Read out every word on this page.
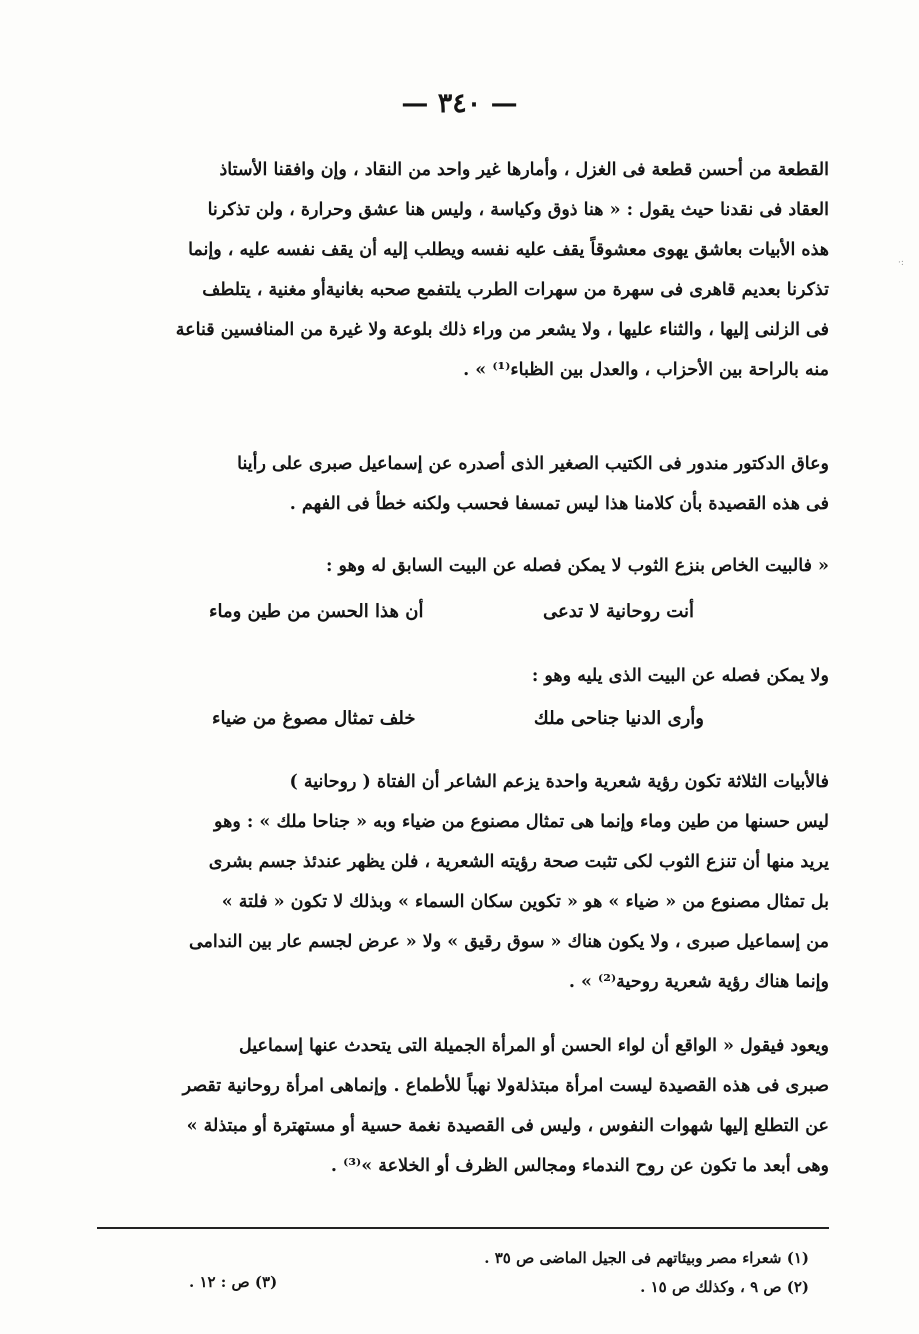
— ٣٤٠ —
·:

القطعة من أحسن قطعة فى الغزل ، وأمارها غير واحد من النقاد ، وإن وافقنا الأستاذ

العقاد فى نقدنا حيث يقول : « هنا ذوق وكياسة ، وليس هنا عشق وحرارة ، ولن تذكرنا

هذه الأبيات بعاشق يهوى معشوقاً يقف عليه نفسه ويطلب إليه أن يقف نفسه عليه ، وإنما

تذكرنا بعديم قاهرى فى سهرة من سهرات الطرب يلتفمع صحبه بغانيةأو مغنية ، يتلطف

فى الزلنى إليها ، والثناء عليها ، ولا يشعر من وراء ذلك بلوعة ولا غيرة من المنافسين قناعة

منه بالراحة بين الأحزاب ، والعدل بين الظباء⁽¹⁾ » .

وعاق الدكتور مندور فى الكتيب الصغير الذى أصدره عن إسماعيل صبرى على رأينا

فى هذه القصيدة بأن كلامنا هذا ليس تمسفا فحسب ولكنه خطأ فى الفهم .

« فالبيت الخاص بنزع الثوب لا يمكن فصله عن البيت السابق له وهو :

أنت روحانية لا تدعى
أن هذا الحسن من طين وماء

ولا يمكن فصله عن البيت الذى يليه وهو :

وأرى الدنيا جناحى ملك
خلف تمثال مصوغ من ضياء

فالأبيات الثلاثة تكون رؤية شعرية واحدة يزعم الشاعر أن الفتاة ( روحانية )

ليس حسنها من طين وماء وإنما هى تمثال مصنوع من ضياء وبه « جناحا ملك » : وهو

يريد منها أن تنزع الثوب لكى تثبت صحة رؤيته الشعرية ، فلن يظهر عندئذ جسم بشرى

بل تمثال مصنوع من « ضياء » هو « تكوين سكان السماء » وبذلك لا تكون « فلتة »

من إسماعيل صبرى ، ولا يكون هناك « سوق رقيق » ولا « عرض لجسم عار بين الندامى

وإنما هناك رؤية شعرية روحية⁽²⁾ » .

ويعود فيقول « الواقع أن لواء الحسن أو المرأة الجميلة التى يتحدث عنها إسماعيل

صبرى فى هذه القصيدة ليست امرأة مبتذلةولا نهباً للأطماع . وإنماهى امرأة روحانية تقصر

عن التطلع إليها شهوات النفوس ، وليس فى القصيدة نغمة حسية أو مستهترة أو مبتذلة »

وهى أبعد ما تكون عن روح الندماء ومجالس الظرف أو الخلاعة »⁽³⁾ .

(١) شعراء مصر وبيئاتهم فى الجيل الماضى ص ٣٥ .
(٢) ص ٩ ، وكذلك ص ١٥ .
(٣) ص : ١٢ .
